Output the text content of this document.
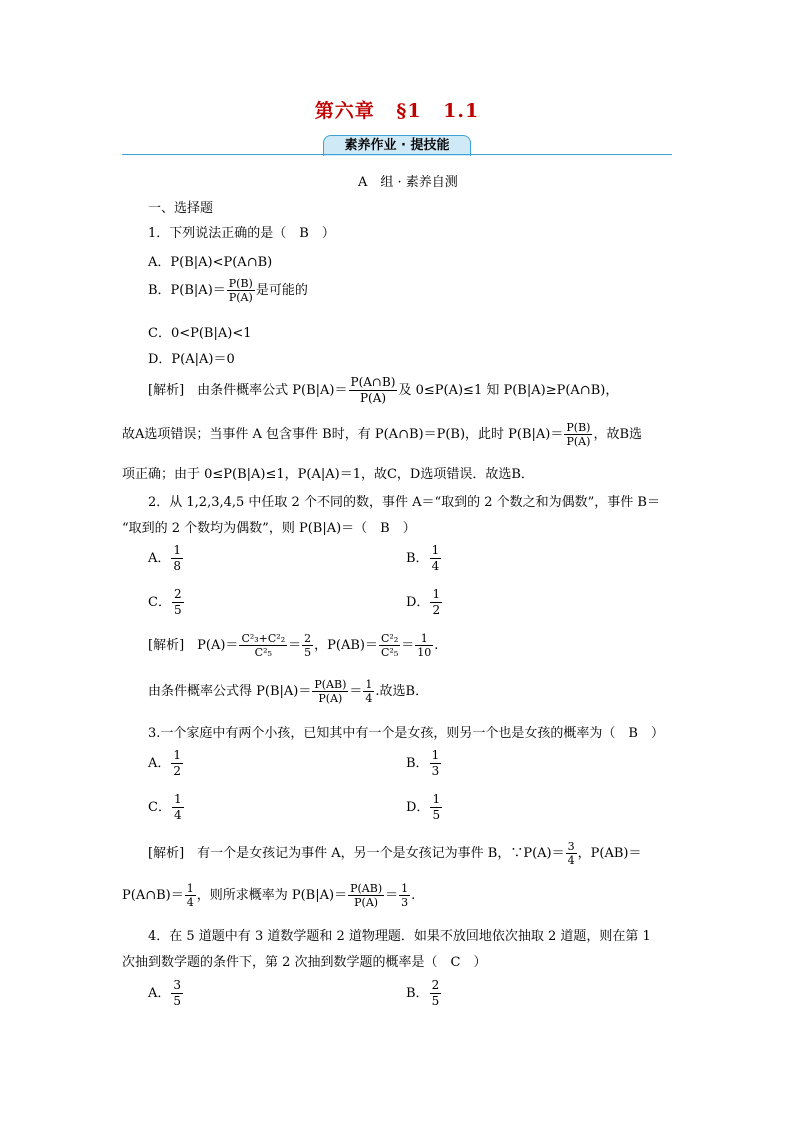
第六章 §1 1.1
素养作业 · 提技能
A　组 · 素养自测
一、选择题
1．下列说法正确的是（　B　）
A．P(B|A)<P(A∩B)
B．$P(B|A)= \frac{P(B)}{P(A)}$ 是可能的
C．0<P(B|A)<1
D．P(A|A)＝0
[解析]　由条件概率公式 $P(B|A)= \frac{P(A\cap B)}{P(A)}$ 及 0≤P(A)≤1 知 P(B|A)≥P(A∩B)，
故A选项错误；当事件 A 包含事件 B时，有 P(A∩B)＝P(B)，此时 $P(B|A)= \frac{P(B)}{P(A)}$ ，故B选
项正确；由于 0≤P(B|A)≤1，P(A|A)＝1，故C，D选项错误．故选B．
2．从 1,2,3,4,5 中任取 2 个不同的数，事件 A＝“取到的 2 个数之和为偶数”，事件 B＝
“取到的 2 个数均为偶数”，则 P(B|A)＝（　B　）
A． $\frac{1}{8}$	B． $\frac{1}{4}$
C． $\frac{2}{5}$	D． $\frac{1}{2}$
[解析]　$P(A)= \frac{\text{C²₃+C²₂}}{\text{C²₅}} = \frac{2}{5}$ ，$P(AB)= \frac{\text{C²₂}}{\text{C²₅}} = \frac{1}{10}$ .
由条件概率公式得 $P(B|A)= \frac{P(AB)}{P(A)} = \frac{1}{4}$ .故选B．
3.一个家庭中有两个小孩，已知其中有一个是女孩，则另一个也是女孩的概率为（　B　）
A． $\frac{1}{2}$	B． $\frac{1}{3}$
C． $\frac{1}{4}$	D． $\frac{1}{5}$
[解析]　有一个是女孩记为事件 A，另一个是女孩记为事件 B，∵P(A)＝ $\frac{3}{4}$ ，P(AB)＝
P(A∩B)＝ $\frac{1}{4}$ ，则所求概率为 $P(B|A)= \frac{P(AB)}{P(A)} = \frac{1}{3}$ .
4．在 5 道题中有 3 道数学题和 2 道物理题．如果不放回地依次抽取 2 道题，则在第 1
次抽到数学题的条件下，第 2 次抽到数学题的概率是（　C　）
A． $\frac{3}{5}$	B． $\frac{2}{5}$
